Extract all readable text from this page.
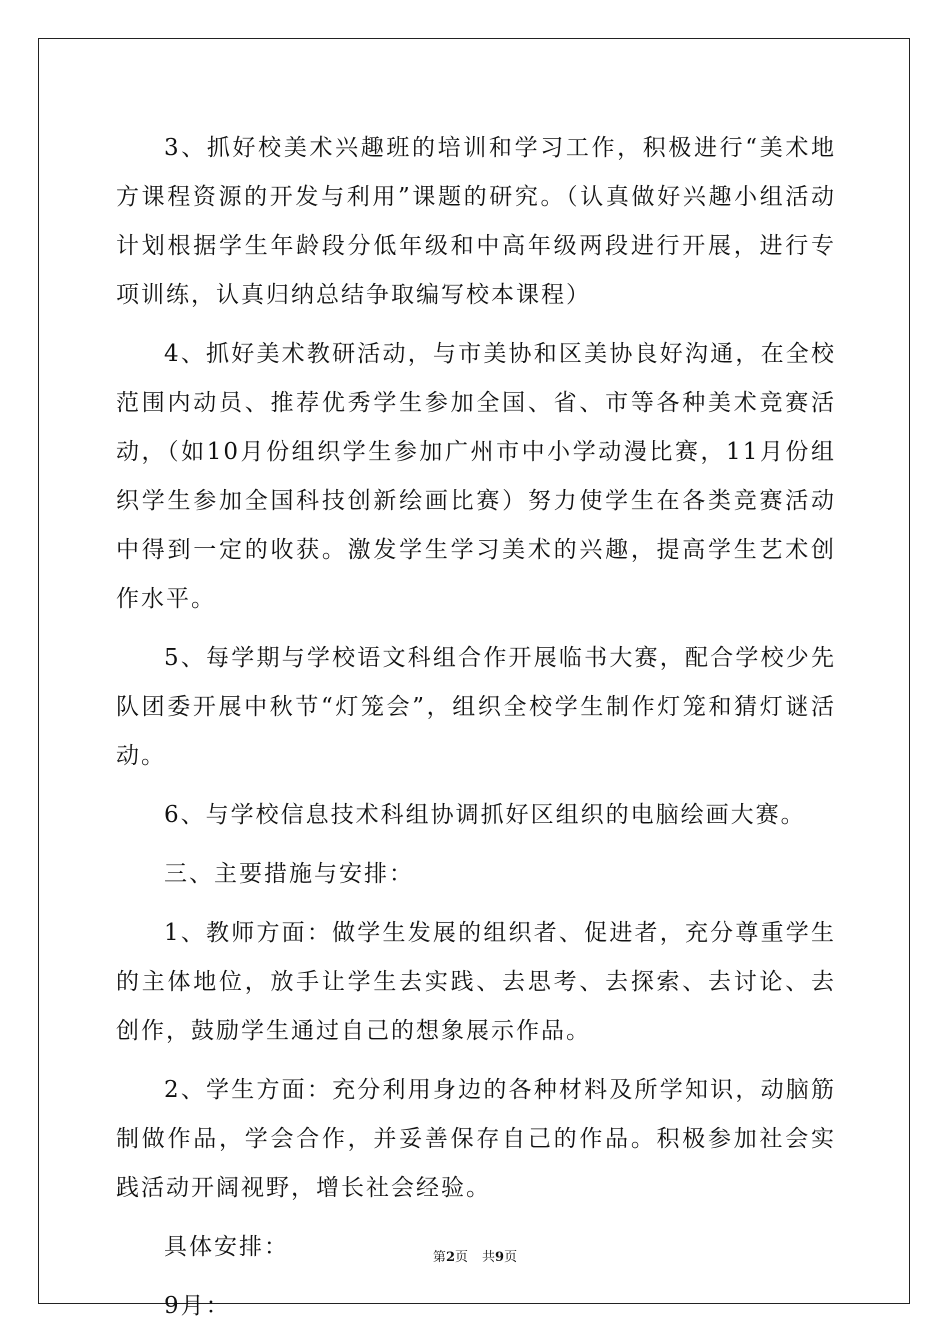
3、抓好校美术兴趣班的培训和学习工作，积极进行“美术地方课程资源的开发与利用”课题的研究。（认真做好兴趣小组活动计划根据学生年龄段分低年级和中高年级两段进行开展，进行专项训练，认真归纳总结争取编写校本课程）

4、抓好美术教研活动，与市美协和区美协良好沟通，在全校范围内动员、推荐优秀学生参加全国、省、市等各种美术竞赛活动，（如10月份组织学生参加广州市中小学动漫比赛，11月份组织学生参加全国科技创新绘画比赛）努力使学生在各类竞赛活动中得到一定的收获。激发学生学习美术的兴趣，提高学生艺术创作水平。

5、每学期与学校语文科组合作开展临书大赛，配合学校少先队团委开展中秋节“灯笼会”，组织全校学生制作灯笼和猜灯谜活动。

6、与学校信息技术科组协调抓好区组织的电脑绘画大赛。

三、主要措施与安排：

1、教师方面：做学生发展的组织者、促进者，充分尊重学生的主体地位，放手让学生去实践、去思考、去探索、去讨论、去创作，鼓励学生通过自己的想象展示作品。

2、学生方面：充分利用身边的各种材料及所学知识，动脑筋制做作品，学会合作，并妥善保存自己的作品。积极参加社会实践活动开阔视野，增长社会经验。

具体安排：

9月：

第2页 共9页
